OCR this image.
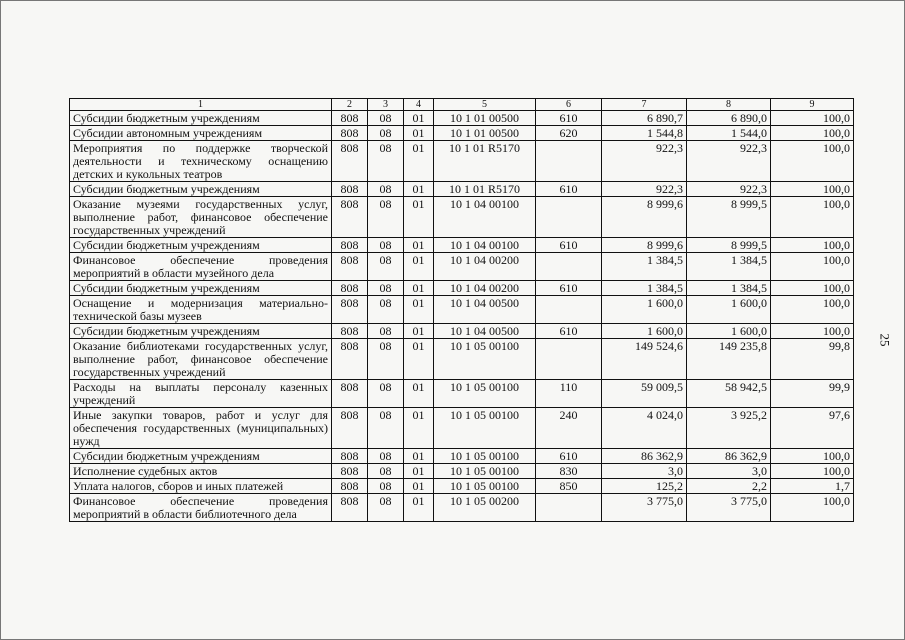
1	2	3	4	5	6	7	8	9
Субсидии бюджетным учреждениям	808	08	01	10 1 01 00500	610	6 890,7	6 890,0	100,0
Субсидии автономным учреждениям	808	08	01	10 1 01 00500	620	1 544,8	1 544,0	100,0
Мероприятия по поддержке творческой деятельности и техническому оснащению детских и кукольных театров	808	08	01	10 1 01 R5170		922,3	922,3	100,0
Субсидии бюджетным учреждениям	808	08	01	10 1 01 R5170	610	922,3	922,3	100,0
Оказание музеями государственных услуг, выполнение работ, финансовое обеспечение государственных учреждений	808	08	01	10 1 04 00100		8 999,6	8 999,5	100,0
Субсидии бюджетным учреждениям	808	08	01	10 1 04 00100	610	8 999,6	8 999,5	100,0
Финансовое обеспечение проведения мероприятий в области музейного дела	808	08	01	10 1 04 00200		1 384,5	1 384,5	100,0
Субсидии бюджетным учреждениям	808	08	01	10 1 04 00200	610	1 384,5	1 384,5	100,0
Оснащение и модернизация материально-технической базы музеев	808	08	01	10 1 04 00500		1 600,0	1 600,0	100,0
Субсидии бюджетным учреждениям	808	08	01	10 1 04 00500	610	1 600,0	1 600,0	100,0
Оказание библиотеками государственных услуг, выполнение работ, финансовое обеспечение государственных учреждений	808	08	01	10 1 05 00100		149 524,6	149 235,8	99,8
Расходы на выплаты персоналу казенных учреждений	808	08	01	10 1 05 00100	110	59 009,5	58 942,5	99,9
Иные закупки товаров, работ и услуг для обеспечения государственных (муниципальных) нужд	808	08	01	10 1 05 00100	240	4 024,0	3 925,2	97,6
Субсидии бюджетным учреждениям	808	08	01	10 1 05 00100	610	86 362,9	86 362,9	100,0
Исполнение судебных актов	808	08	01	10 1 05 00100	830	3,0	3,0	100,0
Уплата налогов, сборов и иных платежей	808	08	01	10 1 05 00100	850	125,2	2,2	1,7
Финансовое обеспечение проведения мероприятий в области библиотечного дела	808	08	01	10 1 05 00200		3 775,0	3 775,0	100,0
25
